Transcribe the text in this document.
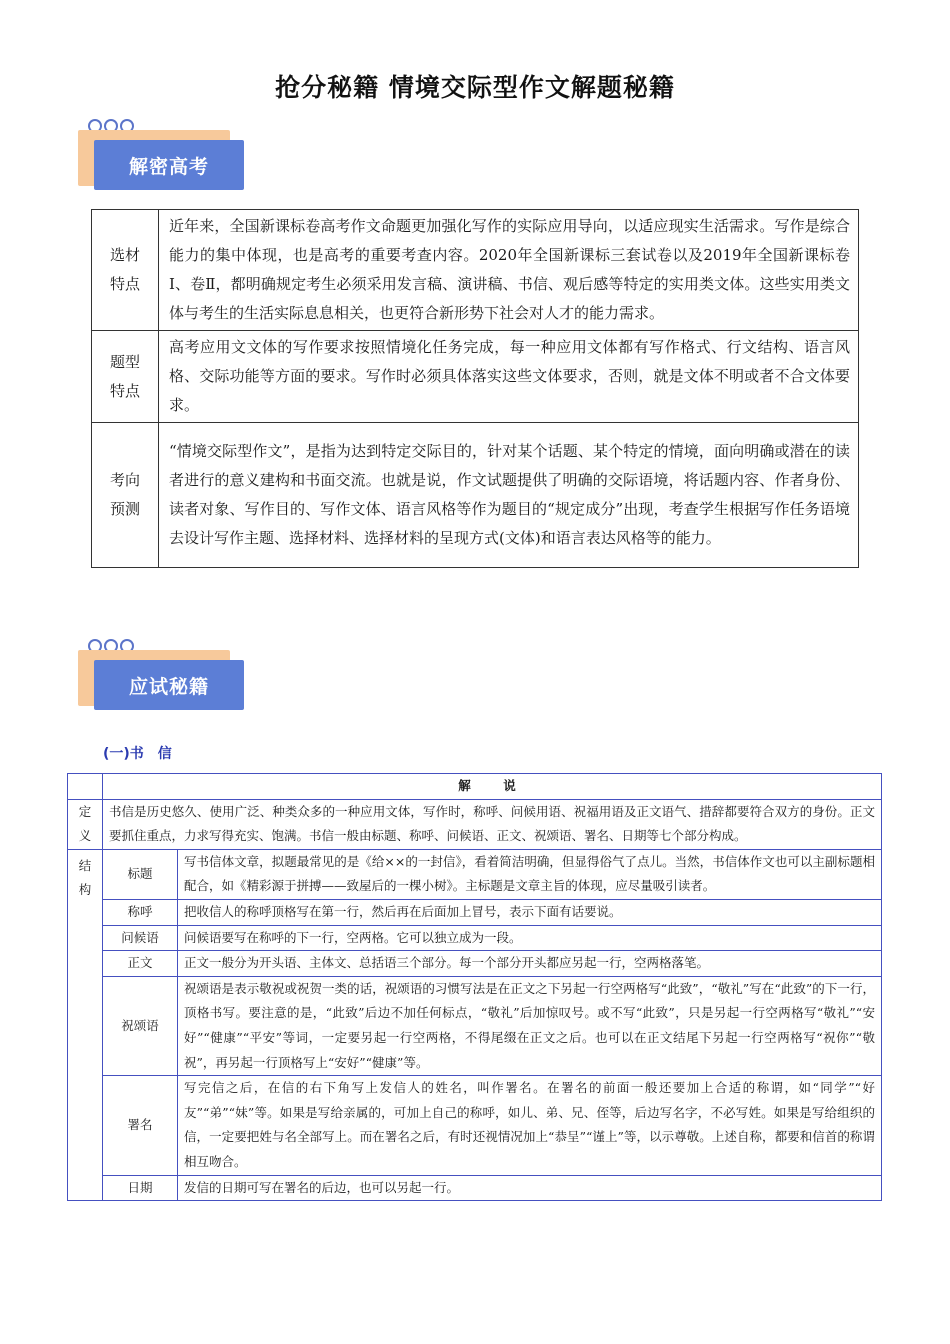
抢分秘籍 情境交际型作文解题秘籍
解密高考
选材
特点	近年来，全国新课标卷高考作文命题更加强化写作的实际应用导向，以适应现实生活需求。写作是综合能力的集中体现，也是高考的重要考查内容。2020年全国新课标三套试卷以及2019年全国新课标卷Ⅰ、卷Ⅱ，都明确规定考生必须采用发言稿、演讲稿、书信、观后感等特定的实用类文体。这些实用类文体与考生的生活实际息息相关，也更符合新形势下社会对人才的能力需求。

题型
特点	高考应用文文体的写作要求按照情境化任务完成，每一种应用文体都有写作格式、行文结构、语言风格、交际功能等方面的要求。写作时必须具体落实这些文体要求，否则，就是文体不明或者不合文体要求。

考向
预测	“情境交际型作文”，是指为达到特定交际目的，针对某个话题、某个特定的情境，面向明确或潜在的读者进行的意义建构和书面交流。也就是说，作文试题提供了明确的交际语境，将话题内容、作者身份、读者对象、写作目的、写作文体、语言风格等作为题目的“规定成分”出现，考查学生根据写作任务语境去设计写作主题、选择材料、选择材料的呈现方式(文体)和语言表达风格等的能力。
应试秘籍
(一)书　信
	解　说	

定
义	书信是历史悠久、使用广泛、种类众多的一种应用文体，写作时，称呼、问候用语、祝福用语及正文语气、措辞都要符合双方的身份。正文要抓住重点，力求写得充实、饱满。书信一般由标题、称呼、问候语、正文、祝颂语、署名、日期等七个部分构成。	

结
构	标题	写书信体文章，拟题最常见的是《给××的一封信》，看着简洁明确，但显得俗气了点儿。当然，书信体作文也可以主副标题相配合，如《精彩源于拼搏——致屋后的一棵小树》。主标题是文章主旨的体现，应尽量吸引读者。
	称呼	把收信人的称呼顶格写在第一行，然后再在后面加上冒号，表示下面有话要说。
	问候语	问候语要写在称呼的下一行，空两格。它可以独立成为一段。
	正文	正文一般分为开头语、主体文、总括语三个部分。每一个部分开头都应另起一行，空两格落笔。
	祝颂语	祝颂语是表示敬祝或祝贺一类的话，祝颂语的习惯写法是在正文之下另起一行空两格写“此致”，“敬礼”写在“此致”的下一行，顶格书写。要注意的是，“此致”后边不加任何标点，“敬礼”后加惊叹号。或不写“此致”，只是另起一行空两格写“敬礼”“安好”“健康”“平安”等词，一定要另起一行空两格，不得尾缀在正文之后。也可以在正文结尾下另起一行空两格写“祝你”“敬祝”，再另起一行顶格写上“安好”“健康”等。
	署名	写完信之后，在信的右下角写上发信人的姓名，叫作署名。在署名的前面一般还要加上合适的称谓，如“同学”“好友”“弟”“妹”等。如果是写给亲属的，可加上自己的称呼，如儿、弟、兄、侄等，后边写名字，不必写姓。如果是写给组织的信，一定要把姓与名全部写上。而在署名之后，有时还视情况加上“恭呈”“谨上”等，以示尊敬。上述自称，都要和信首的称谓相互吻合。
	日期	发信的日期可写在署名的后边，也可以另起一行。
